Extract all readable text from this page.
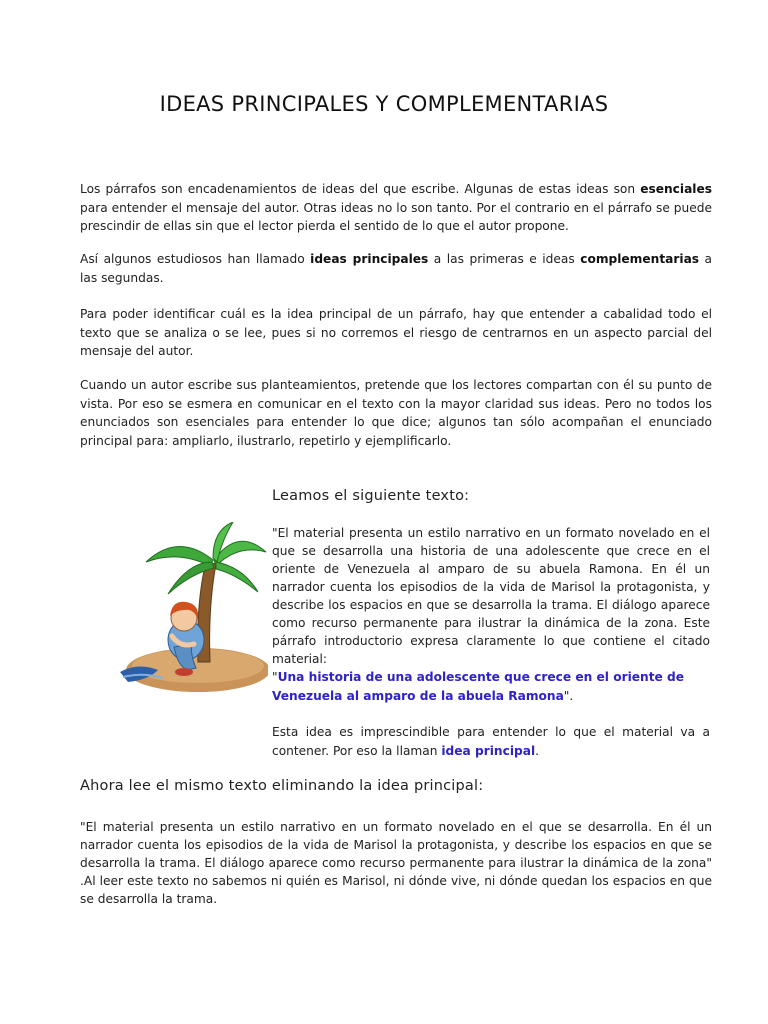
IDEAS PRINCIPALES Y COMPLEMENTARIAS
Los párrafos son encadenamientos de ideas del que escribe. Algunas de estas ideas son esenciales para entender el mensaje del autor. Otras ideas no lo son tanto. Por el contrario en el párrafo se puede prescindir de ellas sin que el lector pierda el sentido de lo que el autor propone.
Así algunos estudiosos han llamado ideas principales a las primeras e ideas complementarias a las segundas.
Para poder identificar cuál es la idea principal de un párrafo, hay que entender a cabalidad todo el texto que se analiza o se lee, pues si no corremos el riesgo de centrarnos en un aspecto parcial del mensaje del autor.
Cuando un autor escribe sus planteamientos, pretende que los lectores compartan con él su punto de vista. Por eso se esmera en comunicar en el texto con la mayor claridad sus ideas. Pero no todos los enunciados son esenciales para entender lo que dice; algunos tan sólo acompañan el enunciado principal para: ampliarlo, ilustrarlo, repetirlo y ejemplificarlo.
Leamos el siguiente texto:
"El material presenta un estilo narrativo en un formato novelado en el que se desarrolla una historia de una adolescente que crece en el oriente de Venezuela al amparo de su abuela Ramona. En él un narrador cuenta los episodios de la vida de Marisol la protagonista, y describe los espacios en que se desarrolla la trama. El diálogo aparece como recurso permanente para ilustrar la dinámica de la zona. Este párrafo introductorio expresa claramente lo que contiene el citado material:
"Una historia de una adolescente que crece en el oriente de Venezuela al amparo de la abuela Ramona".
Esta idea es imprescindible para entender lo que el material va a contener. Por eso la llaman idea principal.
Ahora lee el mismo texto eliminando la idea principal:
"El material presenta un estilo narrativo en un formato novelado en el que se desarrolla. En él un narrador cuenta los episodios de la vida de Marisol la protagonista, y describe los espacios en que se desarrolla la trama. El diálogo aparece como recurso permanente para ilustrar la dinámica de la zona" .Al leer este texto no sabemos ni quién es Marisol, ni dónde vive, ni dónde quedan los espacios en que se desarrolla la trama.
